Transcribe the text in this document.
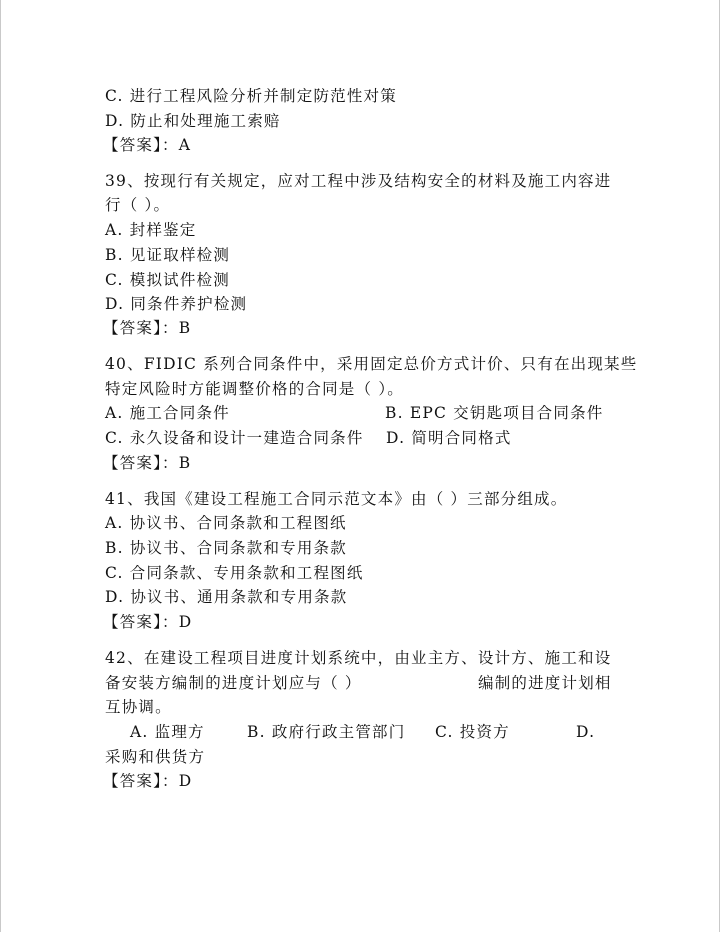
C. 进行工程风险分析并制定防范性对策
D. 防止和处理施工索赔
【答案】：A
39、按现行有关规定，应对工程中涉及结构安全的材料及施工内容进
行（ ）。
A. 封样鉴定
B. 见证取样检测
C. 模拟试件检测
D. 同条件养护检测
【答案】：B
40、FIDIC 系列合同条件中，采用固定总价方式计价、只有在出现某些
特定风险时方能调整价格的合同是（ ）。
A. 施工合同条件	B. EPC 交钥匙项目合同条件
C. 永久设备和设计一建造合同条件 D. 简明合同格式
【答案】：B
41、我国《建设工程施工合同示范文本》由（ ）三部分组成。
A. 协议书、合同条款和工程图纸
B. 协议书、合同条款和专用条款
C. 合同条款、专用条款和工程图纸
D. 协议书、通用条款和专用条款
【答案】：D
42、在建设工程项目进度计划系统中，由业主方、设计方、施工和设
备安装方编制的进度计划应与（ ）	编制的进度计划相
互协调。
A. 监理方	B. 政府行政主管部门 C. 投资方	D.
采购和供货方
【答案】：D
